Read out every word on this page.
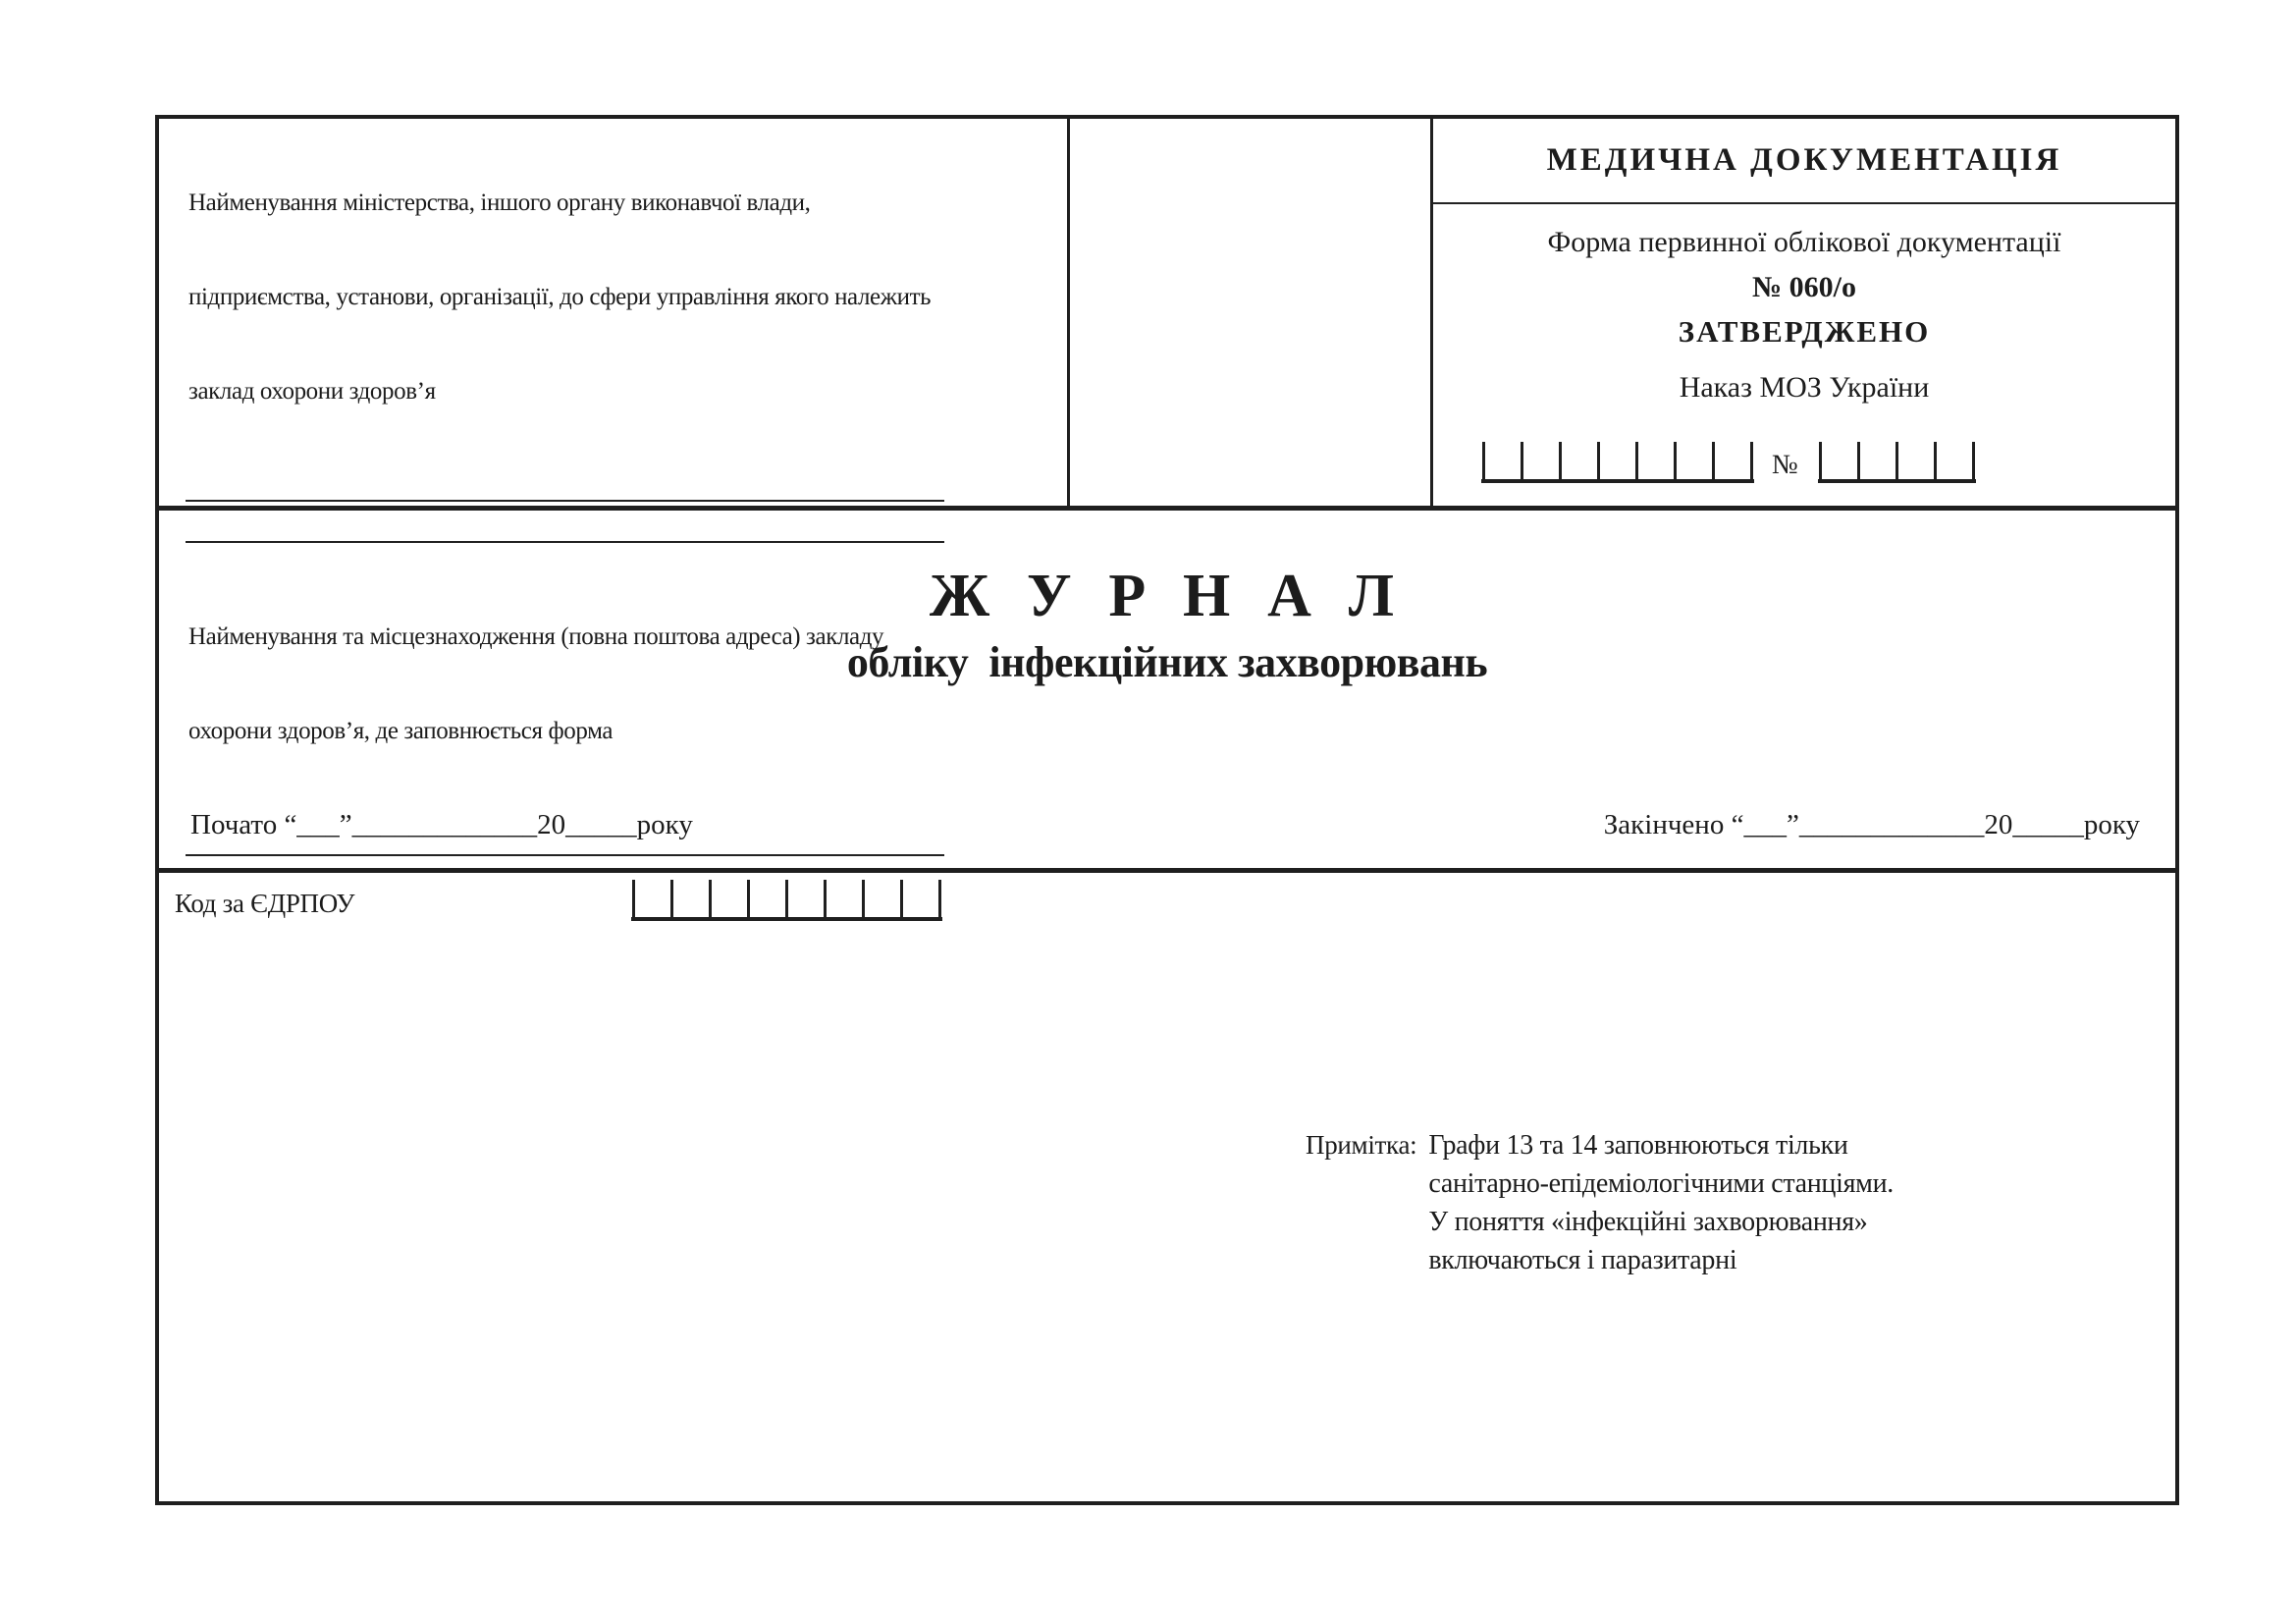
Найменування міністерства, іншого органу виконавчої влади,

підприємства, установи, організації, до сфери управління якого належить

заклад охорони здоров’я

Найменування та місцезнаходження (повна поштова адреса) закладу

охорони здоров’я, де заповнюється форма

Код за ЄДРПОУ
МЕДИЧНА ДОКУМЕНТАЦІЯ
Форма первинної облікової документації
№ 060/о
ЗАТВЕРДЖЕНО
Наказ МОЗ України
№
Ж У Р Н А Л
обліку  інфекційних захворювань
Почато “___”_____________20_____року	Закінчено “___”_____________20_____року
Примітка: Графи 13 та 14 заповнюються тільки
санітарно-епідеміологічними станціями.
У поняття «інфекційні захворювання»
включаються і паразитарні
